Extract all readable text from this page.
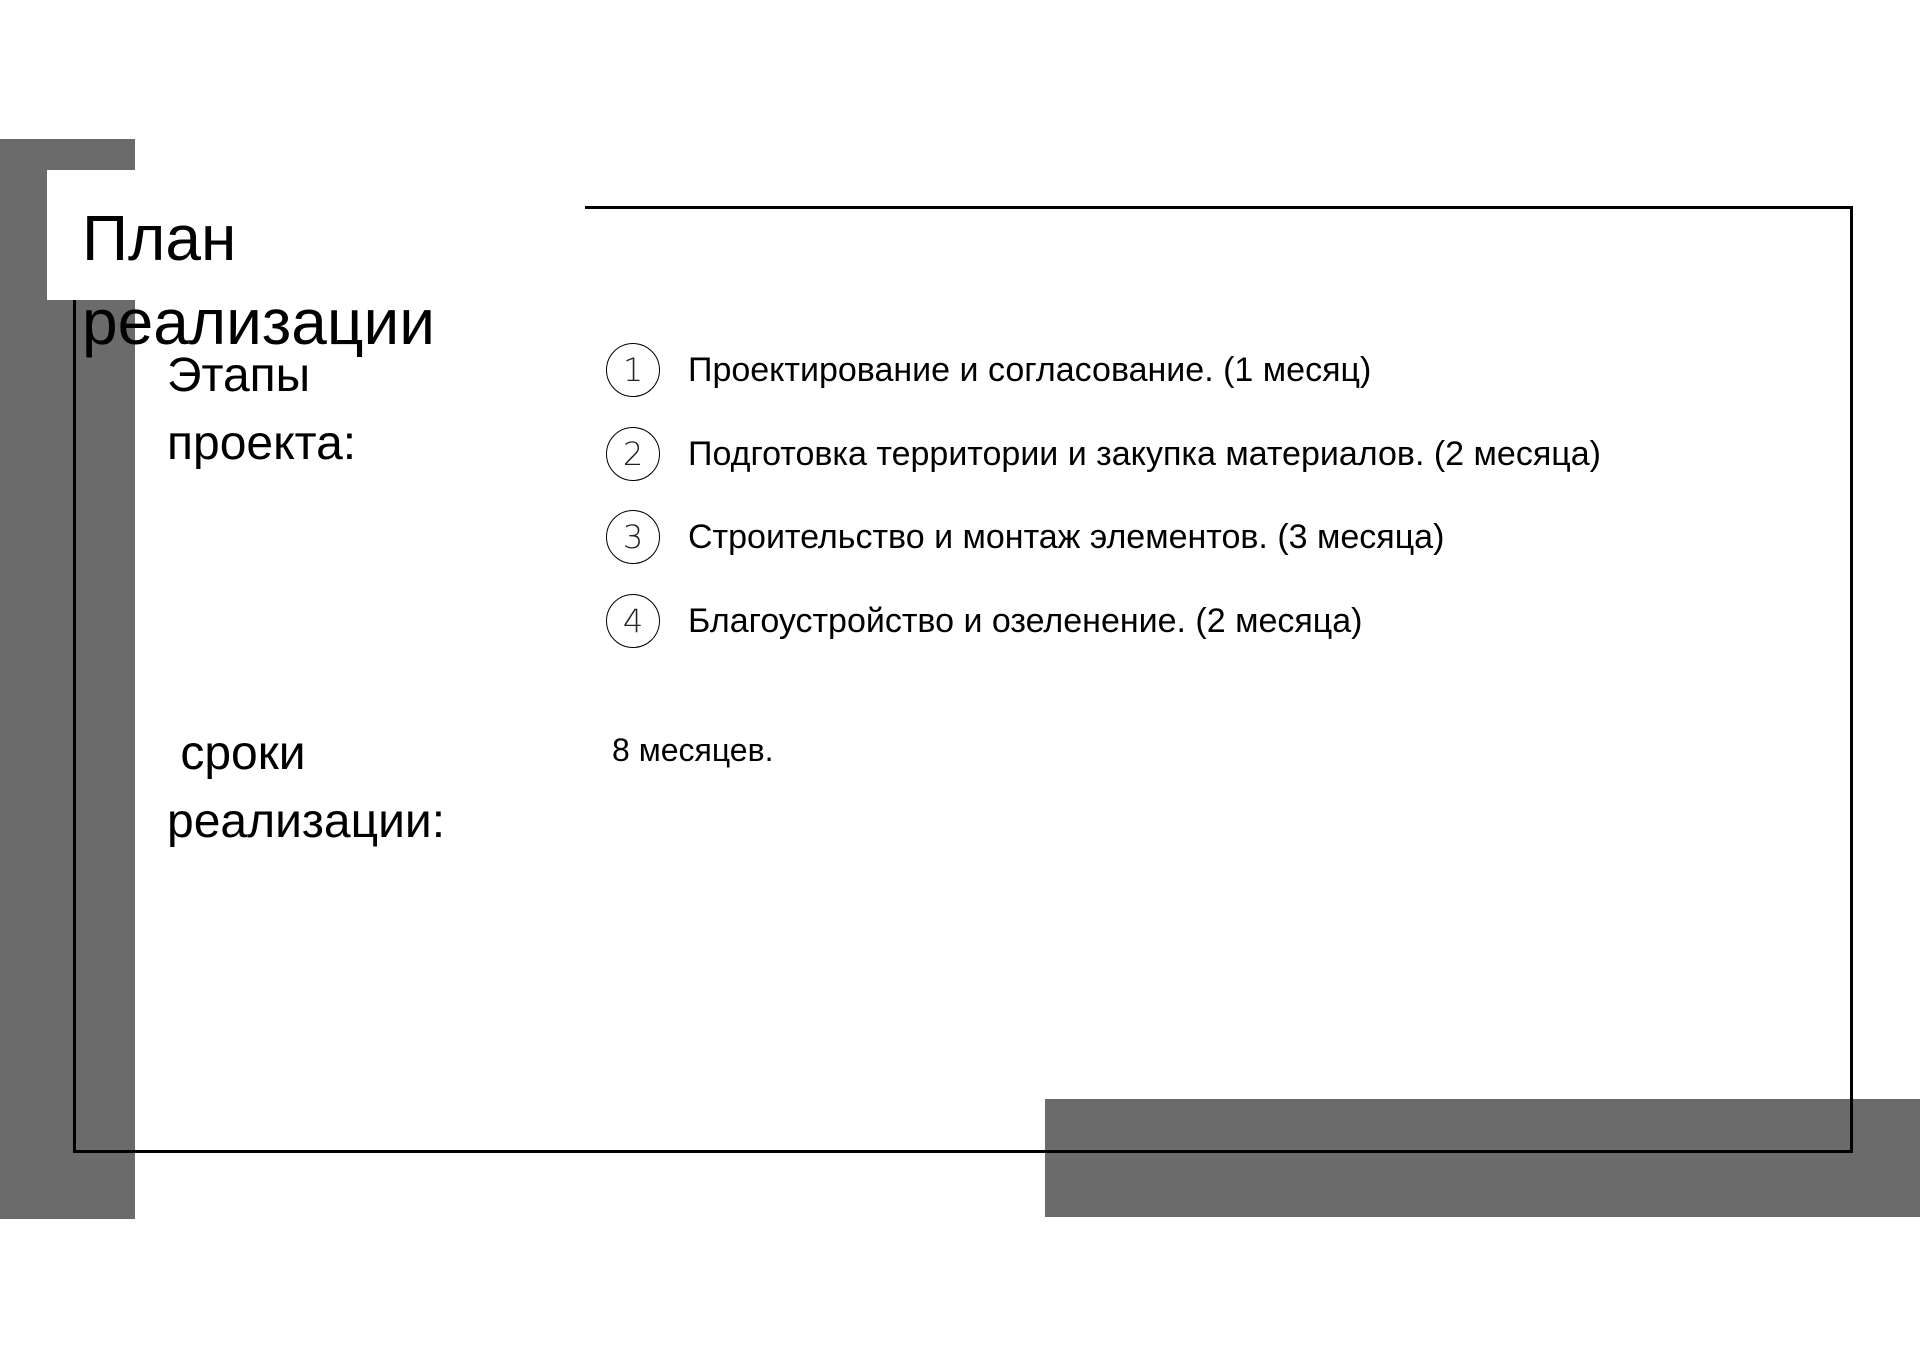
План
реализации

Этапы
проекта:

1	Проектирование и согласование. (1 месяц)
2	Подготовка территории и закупка материалов. (2 месяца)
3	Строительство и монтаж элементов. (3 месяца)
4	Благоустройство и озеленение. (2 месяца)

сроки
реализации:

8 месяцев.
